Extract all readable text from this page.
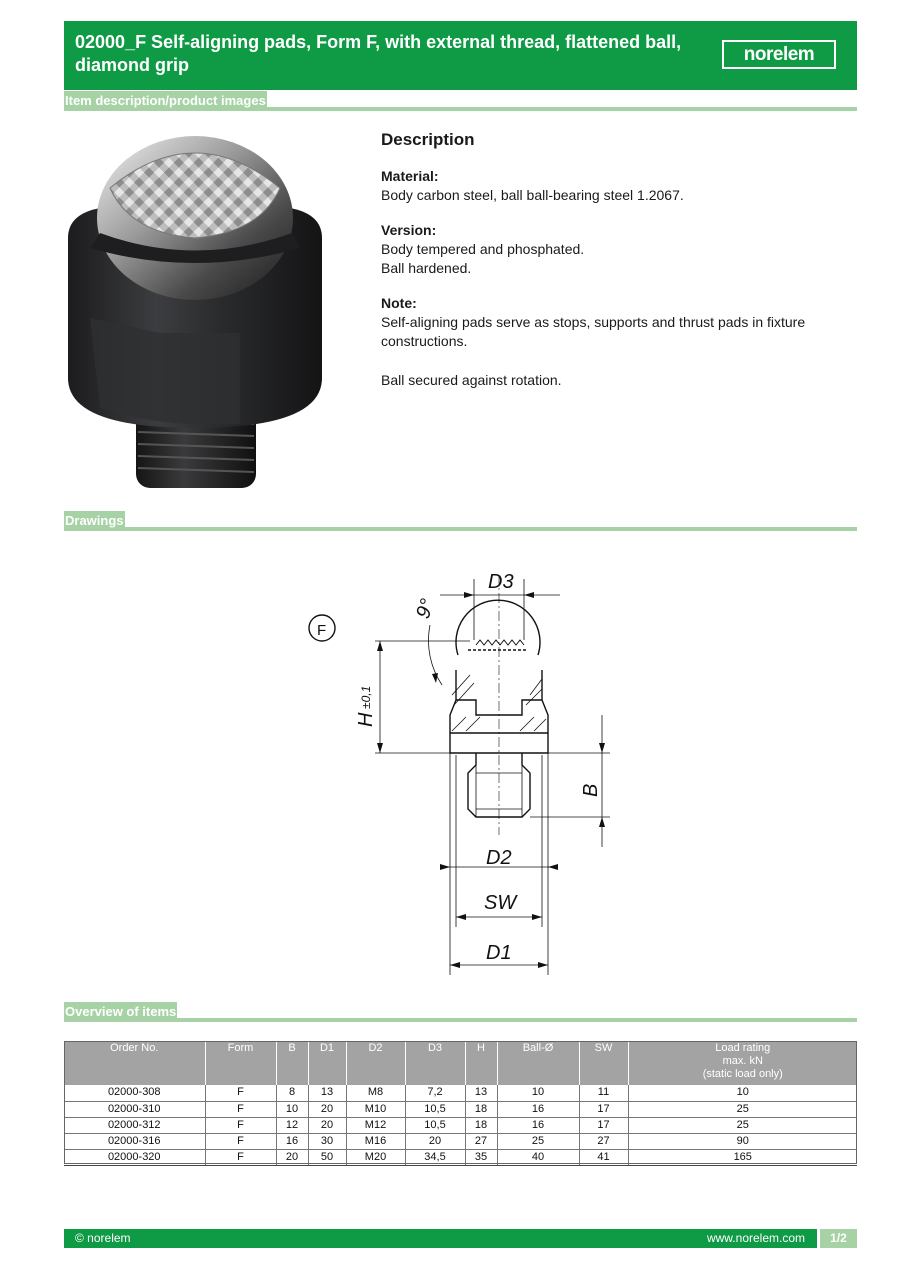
02000_F Self-aligning pads, Form F, with external thread, flattened ball, diamond grip	norelem
Item description/product images
Description
Material:
Body carbon steel, ball ball-bearing steel 1.2067.
Version:
Body tempered and phosphated.
Ball hardened.
Note:
Self-aligning pads serve as stops, supports and thrust pads in fixture constructions.
Ball secured against rotation.
Drawings
F
D3
9°
H
±0,1
B
D2
SW
D1
Overview of items
Order No.	Form	B	D1	D2	D3	H	Ball-Ø	SW	Load rating
max. kN
(static load only)

02000-308	F	8	13	M8	7,2	13	10	11	10
02000-310	F	10	20	M10	10,5	18	16	17	25
02000-312	F	12	20	M12	10,5	18	16	17	25
02000-316	F	16	30	M16	20	27	25	27	90
02000-320	F	20	50	M20	34,5	35	40	41	165
© norelem	www.norelem.com	1/2
